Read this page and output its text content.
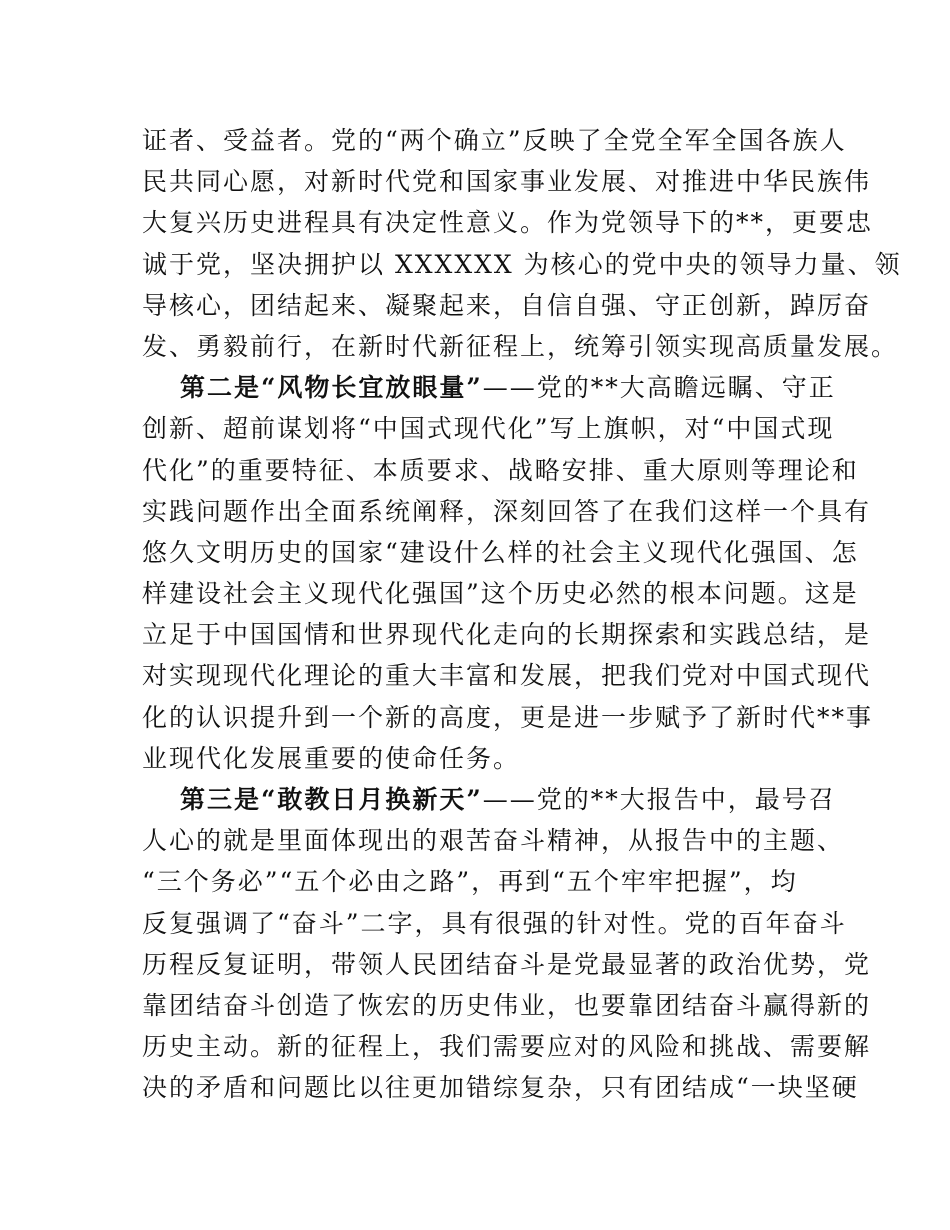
证者、受益者。党的“两个确立”反映了全党全军全国各族人
民共同心愿，对新时代党和国家事业发展、对推进中华民族伟
大复兴历史进程具有决定性意义。作为党领导下的**，更要忠
诚于党，坚决拥护以 XXXXXX 为核心的党中央的领导力量、领
导核心，团结起来、凝聚起来，自信自强、守正创新，踔厉奋
发、勇毅前行，在新时代新征程上，统筹引领实现高质量发展。
第二是“风物长宜放眼量”——党的**大高瞻远瞩、守正
创新、超前谋划将“中国式现代化”写上旗帜，对“中国式现
代化”的重要特征、本质要求、战略安排、重大原则等理论和
实践问题作出全面系统阐释，深刻回答了在我们这样一个具有
悠久文明历史的国家“建设什么样的社会主义现代化强国、怎
样建设社会主义现代化强国”这个历史必然的根本问题。这是
立足于中国国情和世界现代化走向的长期探索和实践总结，是
对实现现代化理论的重大丰富和发展，把我们党对中国式现代
化的认识提升到一个新的高度，更是进一步赋予了新时代**事
业现代化发展重要的使命任务。
第三是“敢教日月换新天”——党的**大报告中，最号召
人心的就是里面体现出的艰苦奋斗精神，从报告中的主题、
“三个务必”“五个必由之路”，再到“五个牢牢把握”，均
反复强调了“奋斗”二字，具有很强的针对性。党的百年奋斗
历程反复证明，带领人民团结奋斗是党最显著的政治优势，党
靠团结奋斗创造了恢宏的历史伟业，也要靠团结奋斗赢得新的
历史主动。新的征程上，我们需要应对的风险和挑战、需要解
决的矛盾和问题比以往更加错综复杂，只有团结成“一块坚硬
